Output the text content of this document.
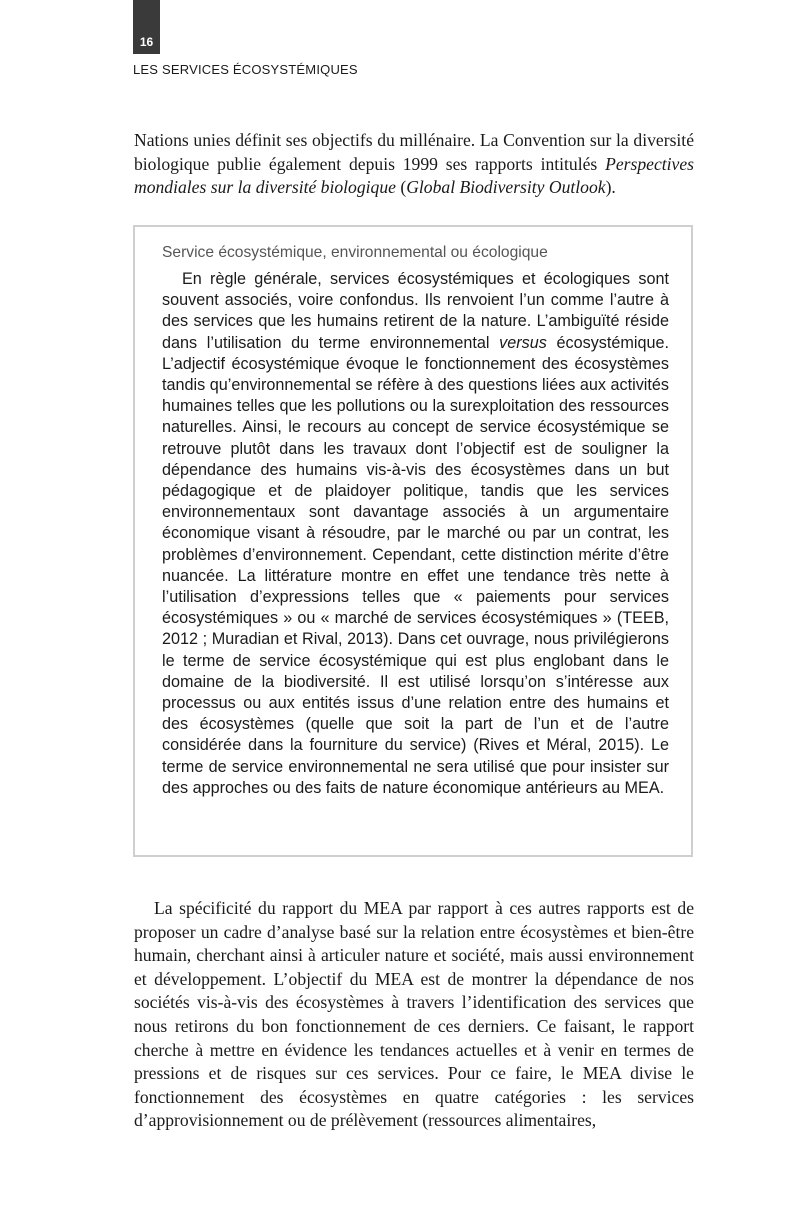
16
LES SERVICES ÉCOSYSTÉMIQUES

Nations unies définit ses objectifs du millénaire. La Convention sur la diversité biologique publie également depuis 1999 ses rapports intitulés Perspectives mondiales sur la diversité biologique (Global Biodiversity Outlook).

Service écosystémique, environnemental ou écologique

En règle générale, services écosystémiques et écologiques sont souvent associés, voire confondus. Ils renvoient l’un comme l’autre à des services que les humains retirent de la nature. L’ambiguïté réside dans l’utilisation du terme environnemental versus écosystémique. L’adjectif écosystémique évoque le fonctionnement des écosystèmes tandis qu’environnemental se réfère à des questions liées aux activités humaines telles que les pollutions ou la surexploitation des ressources naturelles. Ainsi, le recours au concept de service écosystémique se retrouve plutôt dans les travaux dont l’objectif est de souligner la dépendance des humains vis-à-vis des écosystèmes dans un but pédagogique et de plaidoyer politique, tandis que les services environnementaux sont davantage associés à un argumentaire économique visant à résoudre, par le marché ou par un contrat, les problèmes d’environnement. Cependant, cette distinction mérite d’être nuancée. La littérature montre en effet une tendance très nette à l’utilisation d’expressions telles que « paiements pour services écosystémiques » ou « marché de services écosystémiques » (TEEB, 2012 ; Muradian et Rival, 2013). Dans cet ouvrage, nous privilégierons le terme de service écosystémique qui est plus englobant dans le domaine de la biodiversité. Il est utilisé lorsqu’on s’intéresse aux processus ou aux entités issus d’une relation entre des humains et des écosystèmes (quelle que soit la part de l’un et de l’autre considérée dans la fourniture du service) (Rives et Méral, 2015). Le terme de service environnemental ne sera utilisé que pour insister sur des approches ou des faits de nature économique antérieurs au MEA.

La spécificité du rapport du MEA par rapport à ces autres rapports est de proposer un cadre d’analyse basé sur la relation entre écosystèmes et bien-être humain, cherchant ainsi à articuler nature et société, mais aussi environnement et développement. L’objectif du MEA est de montrer la dépendance de nos sociétés vis-à-vis des écosystèmes à travers l’identification des services que nous retirons du bon fonctionnement de ces derniers. Ce faisant, le rapport cherche à mettre en évidence les tendances actuelles et à venir en termes de pressions et de risques sur ces services. Pour ce faire, le MEA divise le fonctionnement des écosystèmes en quatre catégories : les services d’approvisionnement ou de prélèvement (ressources alimentaires,
